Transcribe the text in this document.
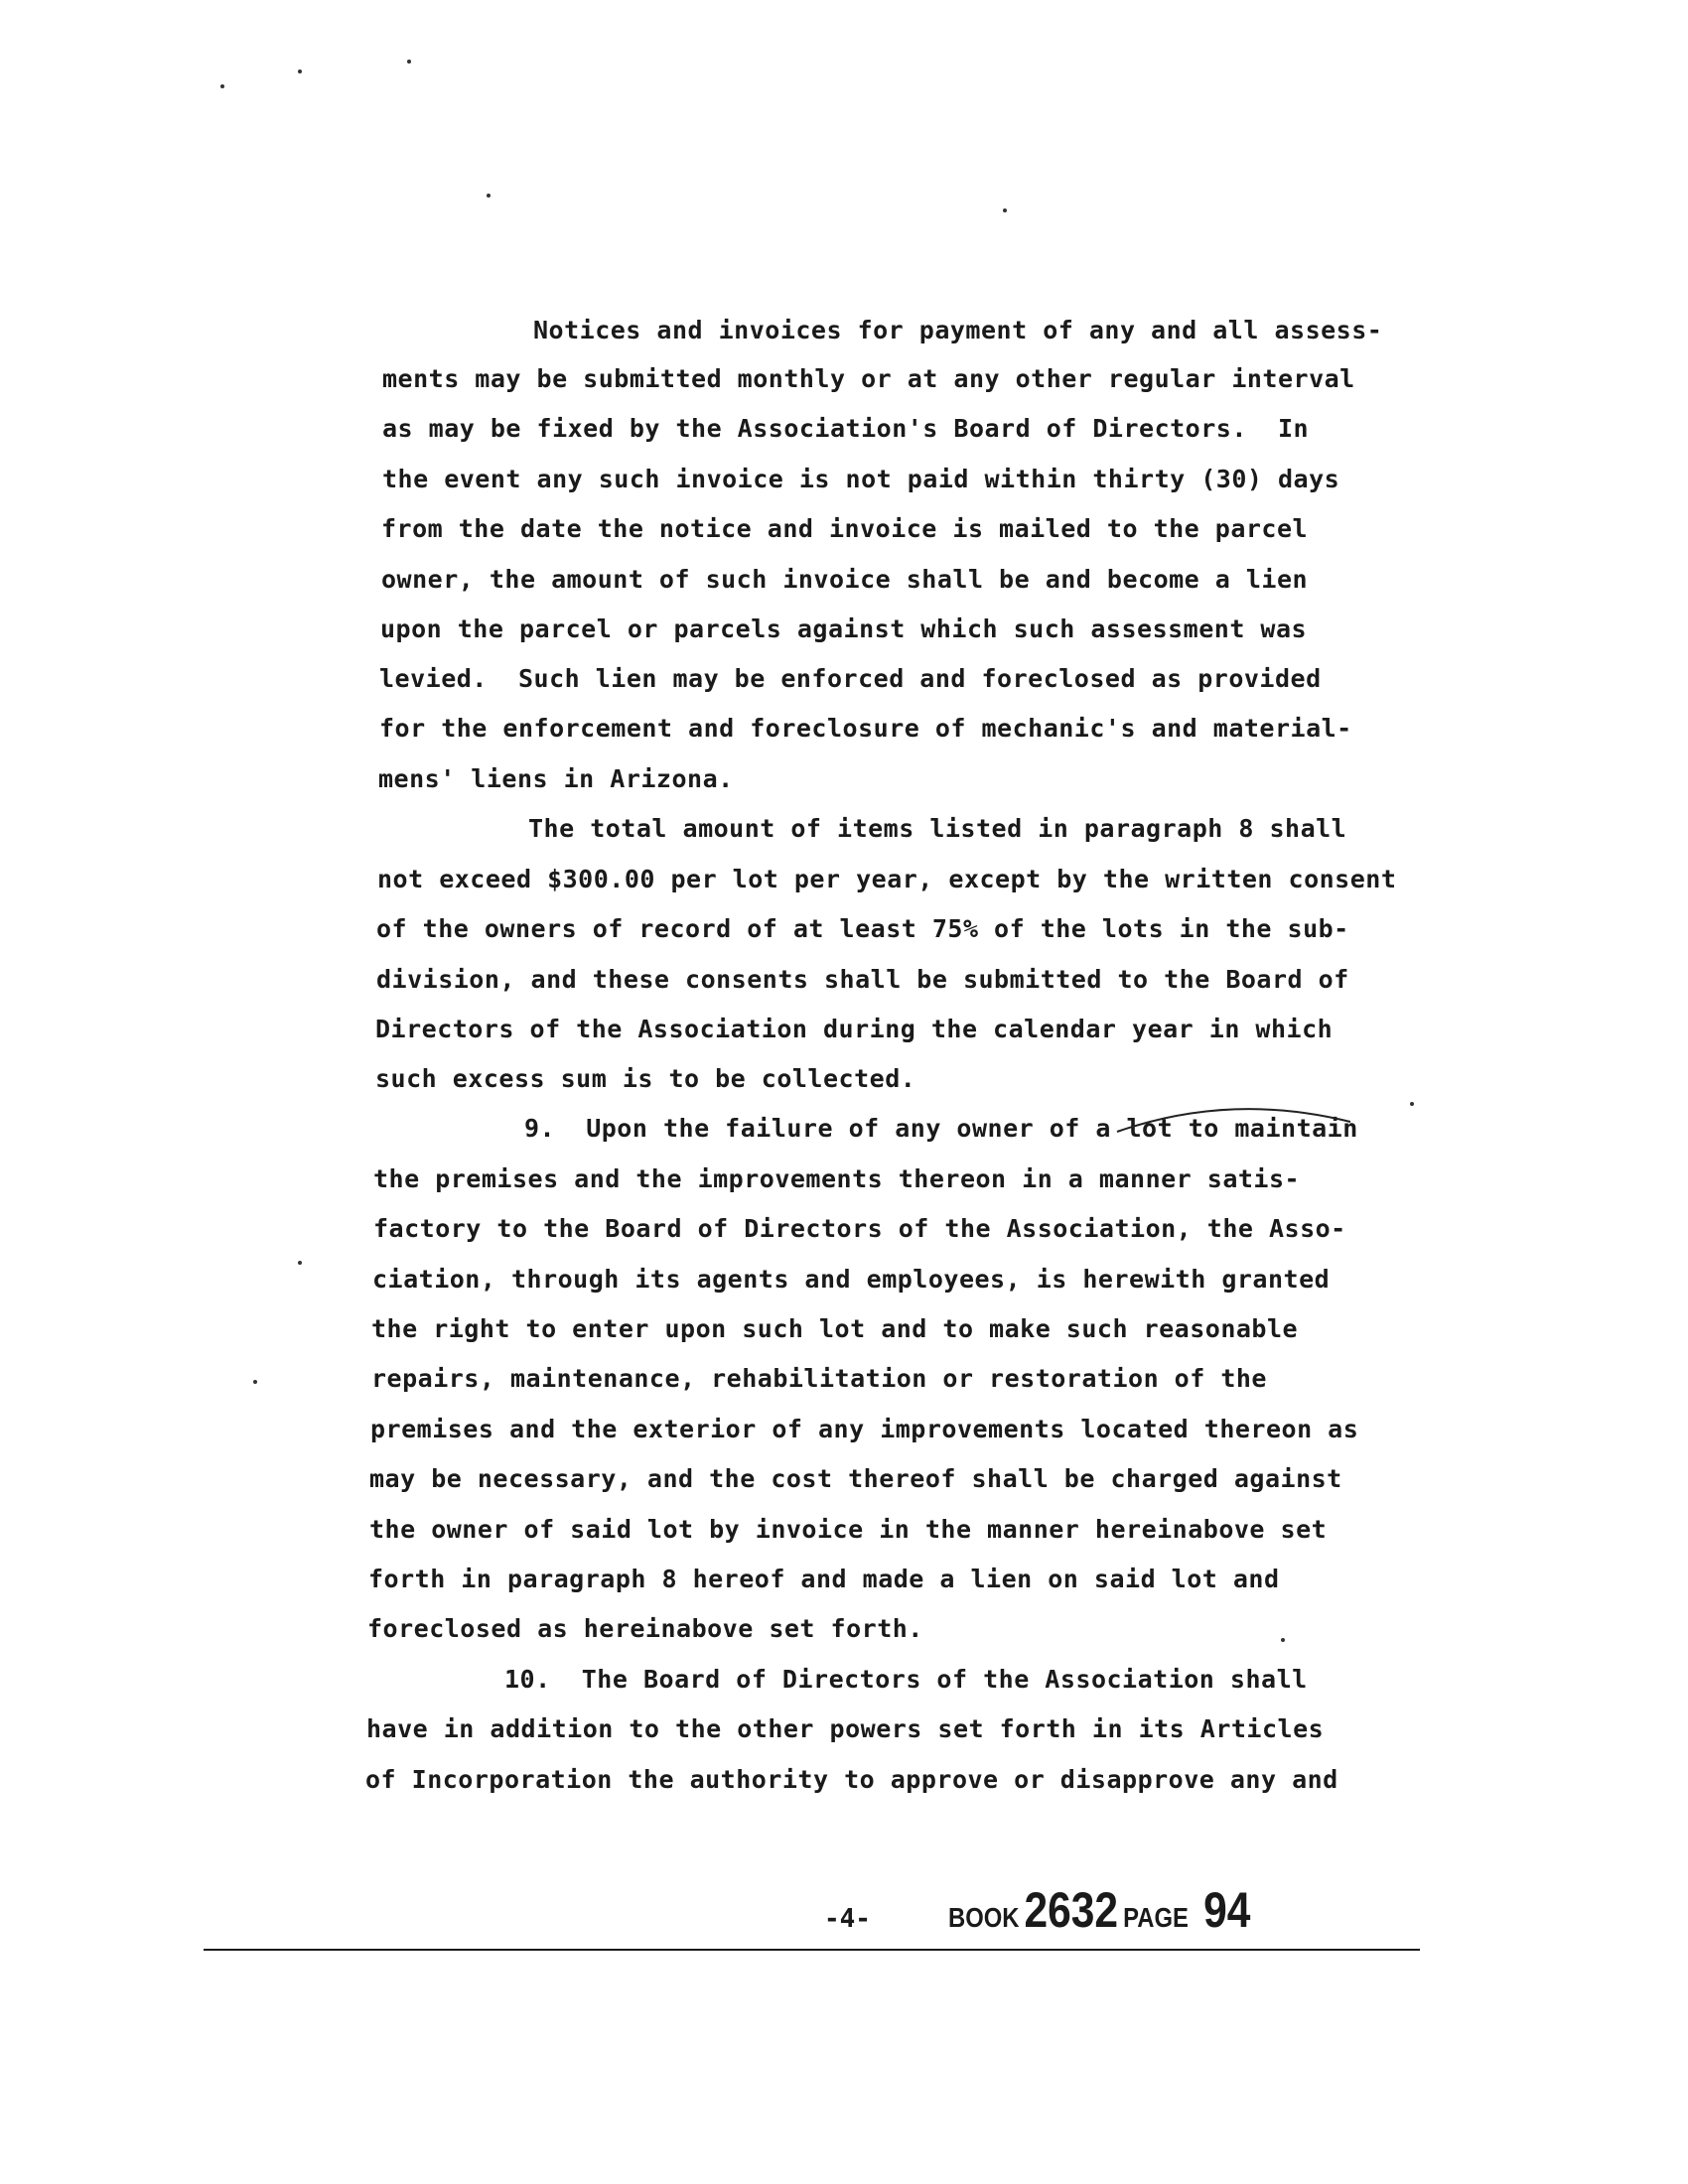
Notices and invoices for payment of any and all assess-
ments may be submitted monthly or at any other regular interval
as may be fixed by the Association's Board of Directors.  In
the event any such invoice is not paid within thirty (30) days
from the date the notice and invoice is mailed to the parcel
owner, the amount of such invoice shall be and become a lien
upon the parcel or parcels against which such assessment was
levied.  Such lien may be enforced and foreclosed as provided
for the enforcement and foreclosure of mechanic's and material-
mens' liens in Arizona.
The total amount of items listed in paragraph 8 shall
not exceed $300.00 per lot per year, except by the written consent
of the owners of record of at least 75% of the lots in the sub-
division, and these consents shall be submitted to the Board of
Directors of the Association during the calendar year in which
such excess sum is to be collected.
9.  Upon the failure of any owner of a lot to maintain
the premises and the improvements thereon in a manner satis-
factory to the Board of Directors of the Association, the Asso-
ciation, through its agents and employees, is herewith granted
the right to enter upon such lot and to make such reasonable
repairs, maintenance, rehabilitation or restoration of the
premises and the exterior of any improvements located thereon as
may be necessary, and the cost thereof shall be charged against
the owner of said lot by invoice in the manner hereinabove set
forth in paragraph 8 hereof and made a lien on said lot and
foreclosed as hereinabove set forth.
10.  The Board of Directors of the Association shall
have in addition to the other powers set forth in its Articles
of Incorporation the authority to approve or disapprove any and
-4-	BOOK 2632 PAGE 94
